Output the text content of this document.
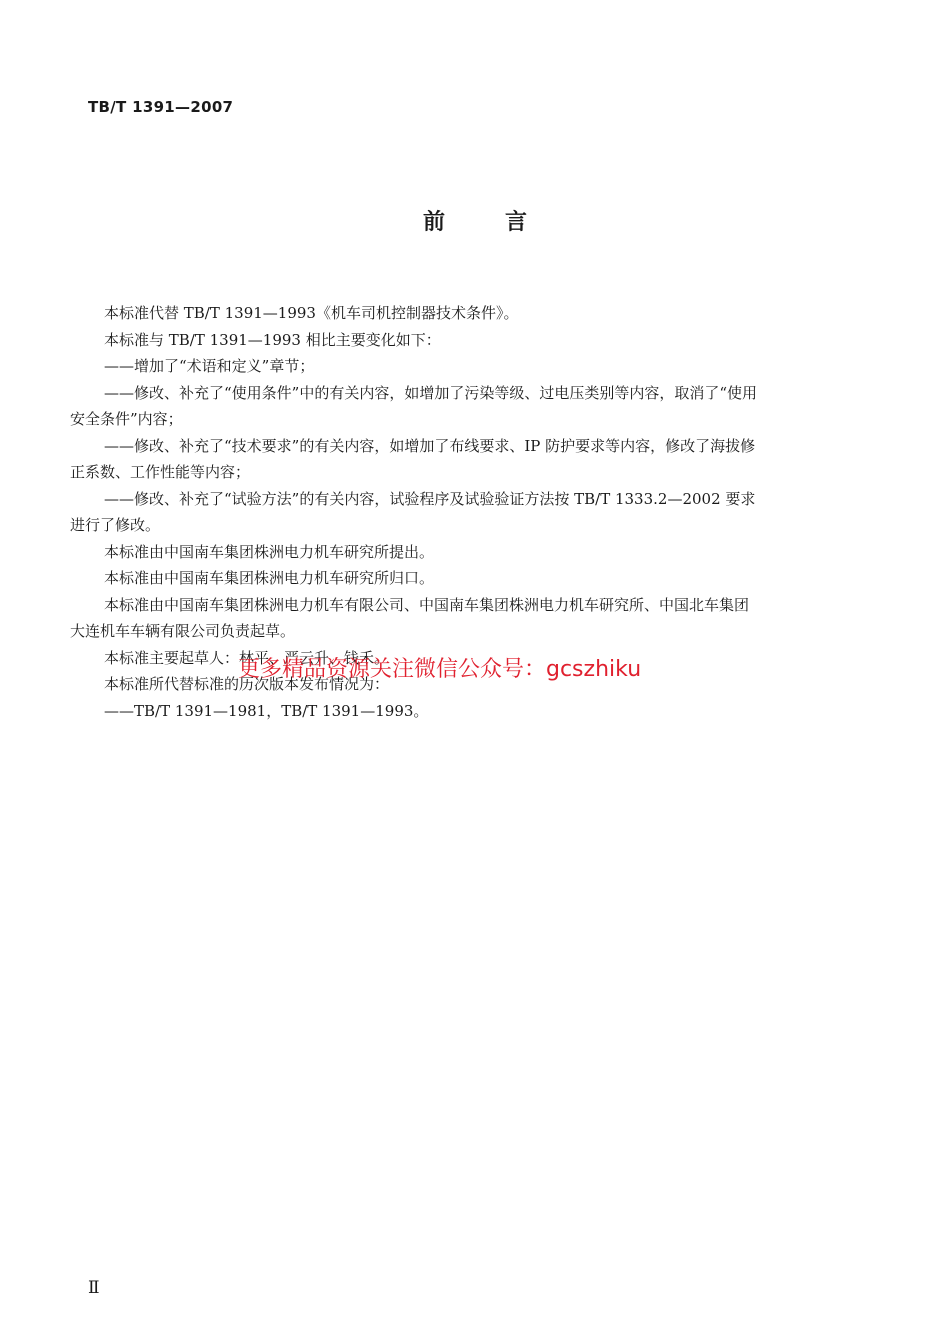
TB/T 1391—2007
前言

本标准代替 TB/T 1391—1993《机车司机控制器技术条件》。

本标准与 TB/T 1391—1993 相比主要变化如下：

——增加了“术语和定义”章节；

——修改、补充了“使用条件”中的有关内容，如增加了污染等级、过电压类别等内容，取消了“使用

安全条件”内容；

——修改、补充了“技术要求”的有关内容，如增加了布线要求、IP 防护要求等内容，修改了海拔修

正系数、工作性能等内容；

——修改、补充了“试验方法”的有关内容，试验程序及试验验证方法按 TB/T 1333.2—2002 要求

进行了修改。

本标准由中国南车集团株洲电力机车研究所提出。

本标准由中国南车集团株洲电力机车研究所归口。

本标准由中国南车集团株洲电力机车有限公司、中国南车集团株洲电力机车研究所、中国北车集团

大连机车车辆有限公司负责起草。

本标准主要起草人：林平、严云升、钱禾。

本标准所代替标准的历次版本发布情况为：

——TB/T 1391—1981，TB/T 1391—1993。

更多精品资源关注微信公众号：gcszhiku
Ⅱ
